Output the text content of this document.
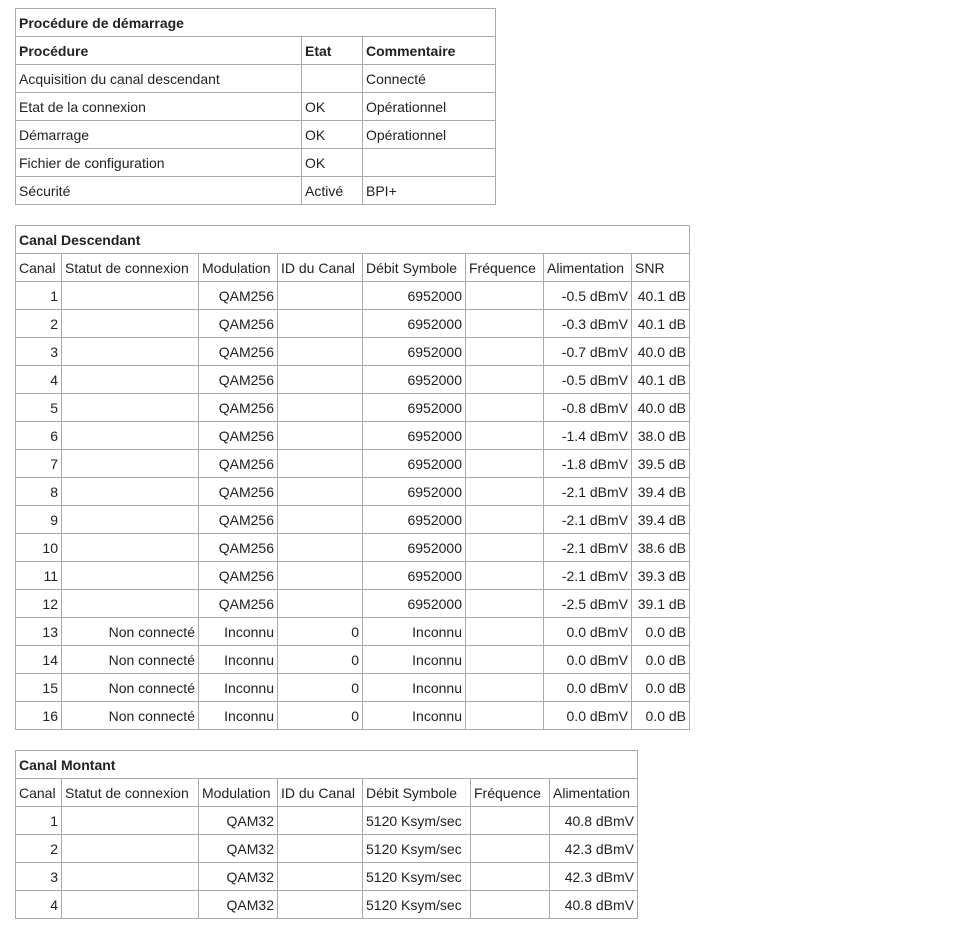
Procédure de démarrage		
Procédure	Etat	Commentaire
Acquisition du canal descendant		Connecté
Etat de la connexion	OK	Opérationnel
Démarrage	OK	Opérationnel
Fichier de configuration	OK	
Sécurité	Activé	BPI+
Canal Descendant							
Canal	Statut de connexion	Modulation	ID du Canal	Débit Symbole	Fréquence	Alimentation	SNR
1		QAM256		6952000		-0.5 dBmV	40.1 dB
2		QAM256		6952000		-0.3 dBmV	40.1 dB
3		QAM256		6952000		-0.7 dBmV	40.0 dB
4		QAM256		6952000		-0.5 dBmV	40.1 dB
5		QAM256		6952000		-0.8 dBmV	40.0 dB
6		QAM256		6952000		-1.4 dBmV	38.0 dB
7		QAM256		6952000		-1.8 dBmV	39.5 dB
8		QAM256		6952000		-2.1 dBmV	39.4 dB
9		QAM256		6952000		-2.1 dBmV	39.4 dB
10		QAM256		6952000		-2.1 dBmV	38.6 dB
11		QAM256		6952000		-2.1 dBmV	39.3 dB
12		QAM256		6952000		-2.5 dBmV	39.1 dB
13	Non connecté	Inconnu	0	Inconnu		0.0 dBmV	0.0 dB
14	Non connecté	Inconnu	0	Inconnu		0.0 dBmV	0.0 dB
15	Non connecté	Inconnu	0	Inconnu		0.0 dBmV	0.0 dB
16	Non connecté	Inconnu	0	Inconnu		0.0 dBmV	0.0 dB
Canal Montant						
Canal	Statut de connexion	Modulation	ID du Canal	Débit Symbole	Fréquence	Alimentation
1		QAM32		5120 Ksym/sec		40.8 dBmV
2		QAM32		5120 Ksym/sec		42.3 dBmV
3		QAM32		5120 Ksym/sec		42.3 dBmV
4		QAM32		5120 Ksym/sec		40.8 dBmV
